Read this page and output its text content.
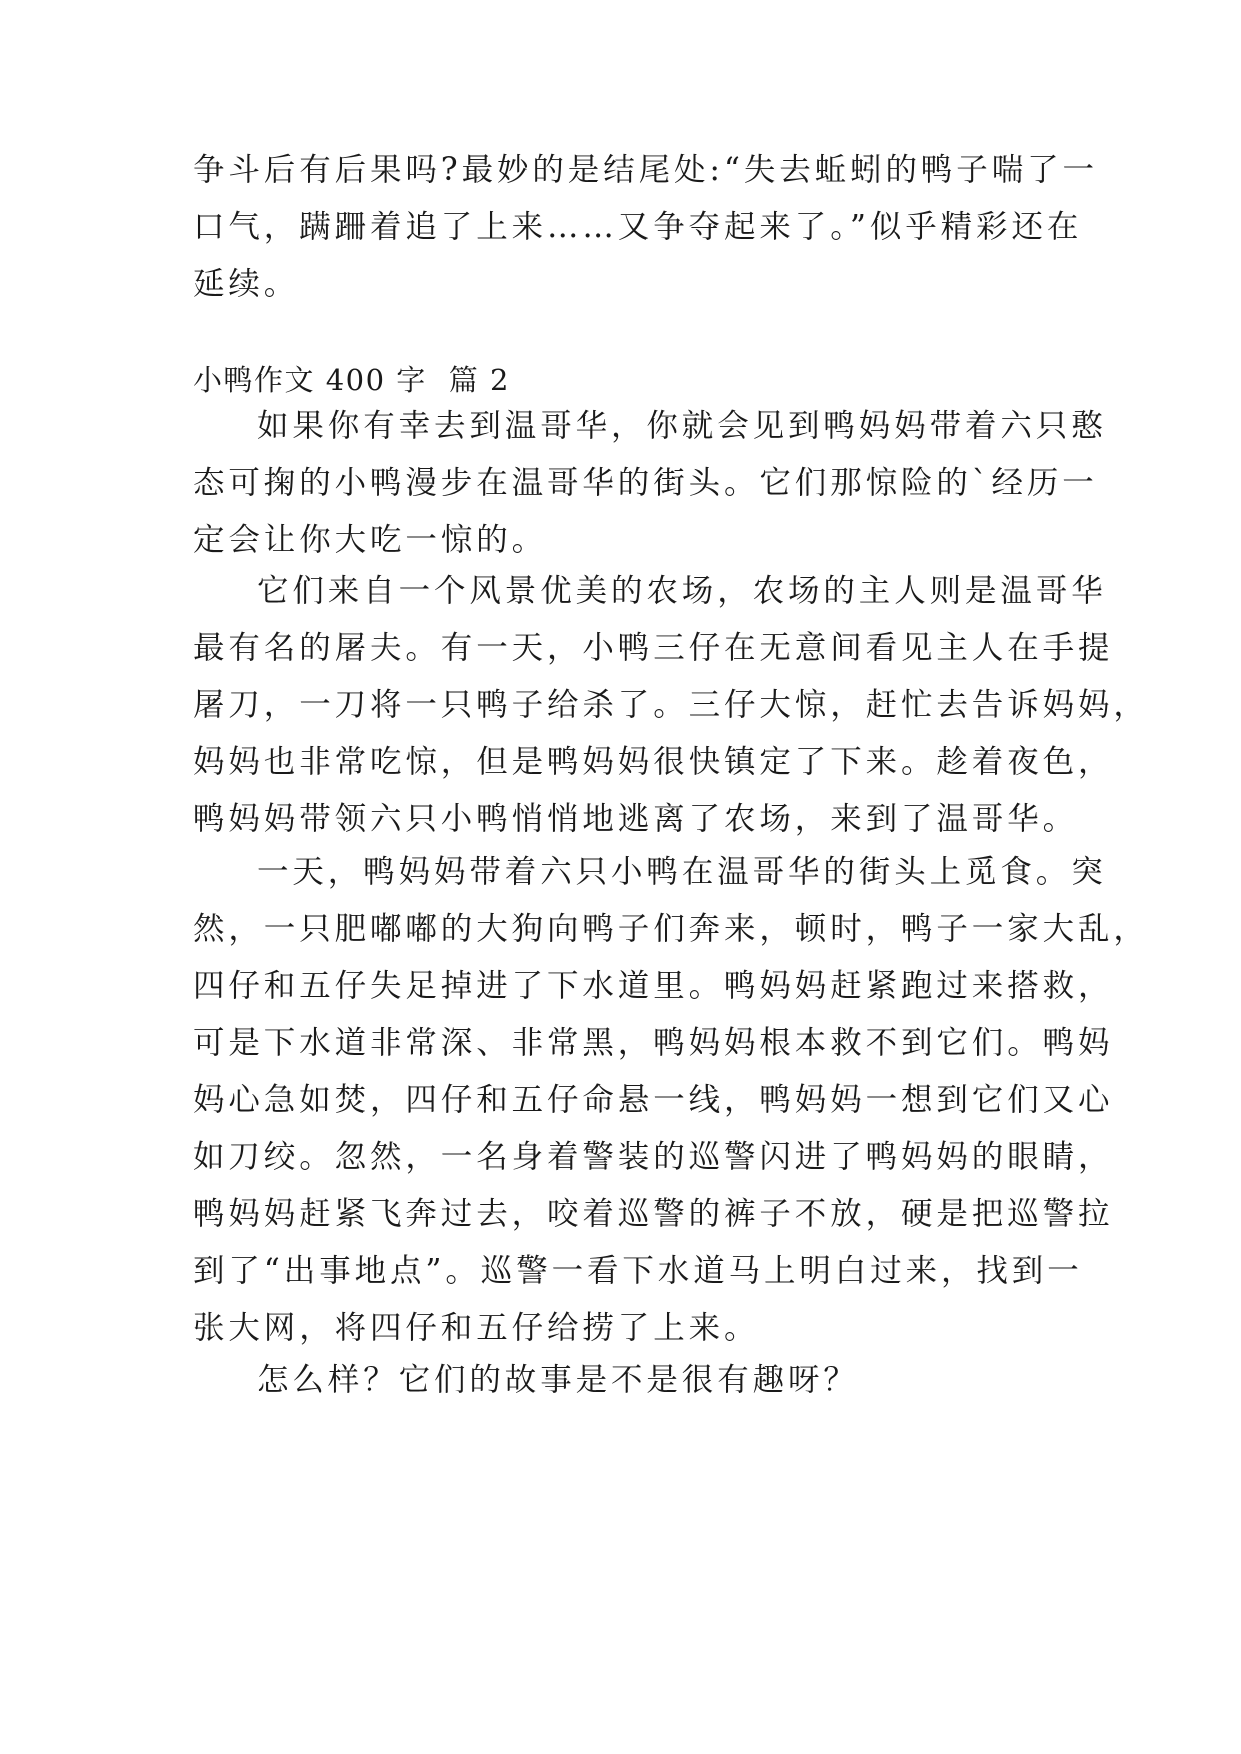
争斗后有后果吗?最妙的是结尾处:“失去蚯蚓的鸭子喘了一
口气，蹒跚着追了上来……又争夺起来了。”似乎精彩还在
延续。
小鸭作文 400 字 篇 2
如果你有幸去到温哥华，你就会见到鸭妈妈带着六只憨
态可掬的小鸭漫步在温哥华的街头。它们那惊险的`经历一
定会让你大吃一惊的。
它们来自一个风景优美的农场，农场的主人则是温哥华
最有名的屠夫。有一天，小鸭三仔在无意间看见主人在手提
屠刀，一刀将一只鸭子给杀了。三仔大惊，赶忙去告诉妈妈，
妈妈也非常吃惊，但是鸭妈妈很快镇定了下来。趁着夜色，
鸭妈妈带领六只小鸭悄悄地逃离了农场，来到了温哥华。
一天，鸭妈妈带着六只小鸭在温哥华的街头上觅食。突
然，一只肥嘟嘟的大狗向鸭子们奔来，顿时，鸭子一家大乱，
四仔和五仔失足掉进了下水道里。鸭妈妈赶紧跑过来搭救，
可是下水道非常深、非常黑，鸭妈妈根本救不到它们。鸭妈
妈心急如焚，四仔和五仔命悬一线，鸭妈妈一想到它们又心
如刀绞。忽然，一名身着警装的巡警闪进了鸭妈妈的眼睛，
鸭妈妈赶紧飞奔过去，咬着巡警的裤子不放，硬是把巡警拉
到了“出事地点”。巡警一看下水道马上明白过来，找到一
张大网，将四仔和五仔给捞了上来。
怎么样？它们的故事是不是很有趣呀？
